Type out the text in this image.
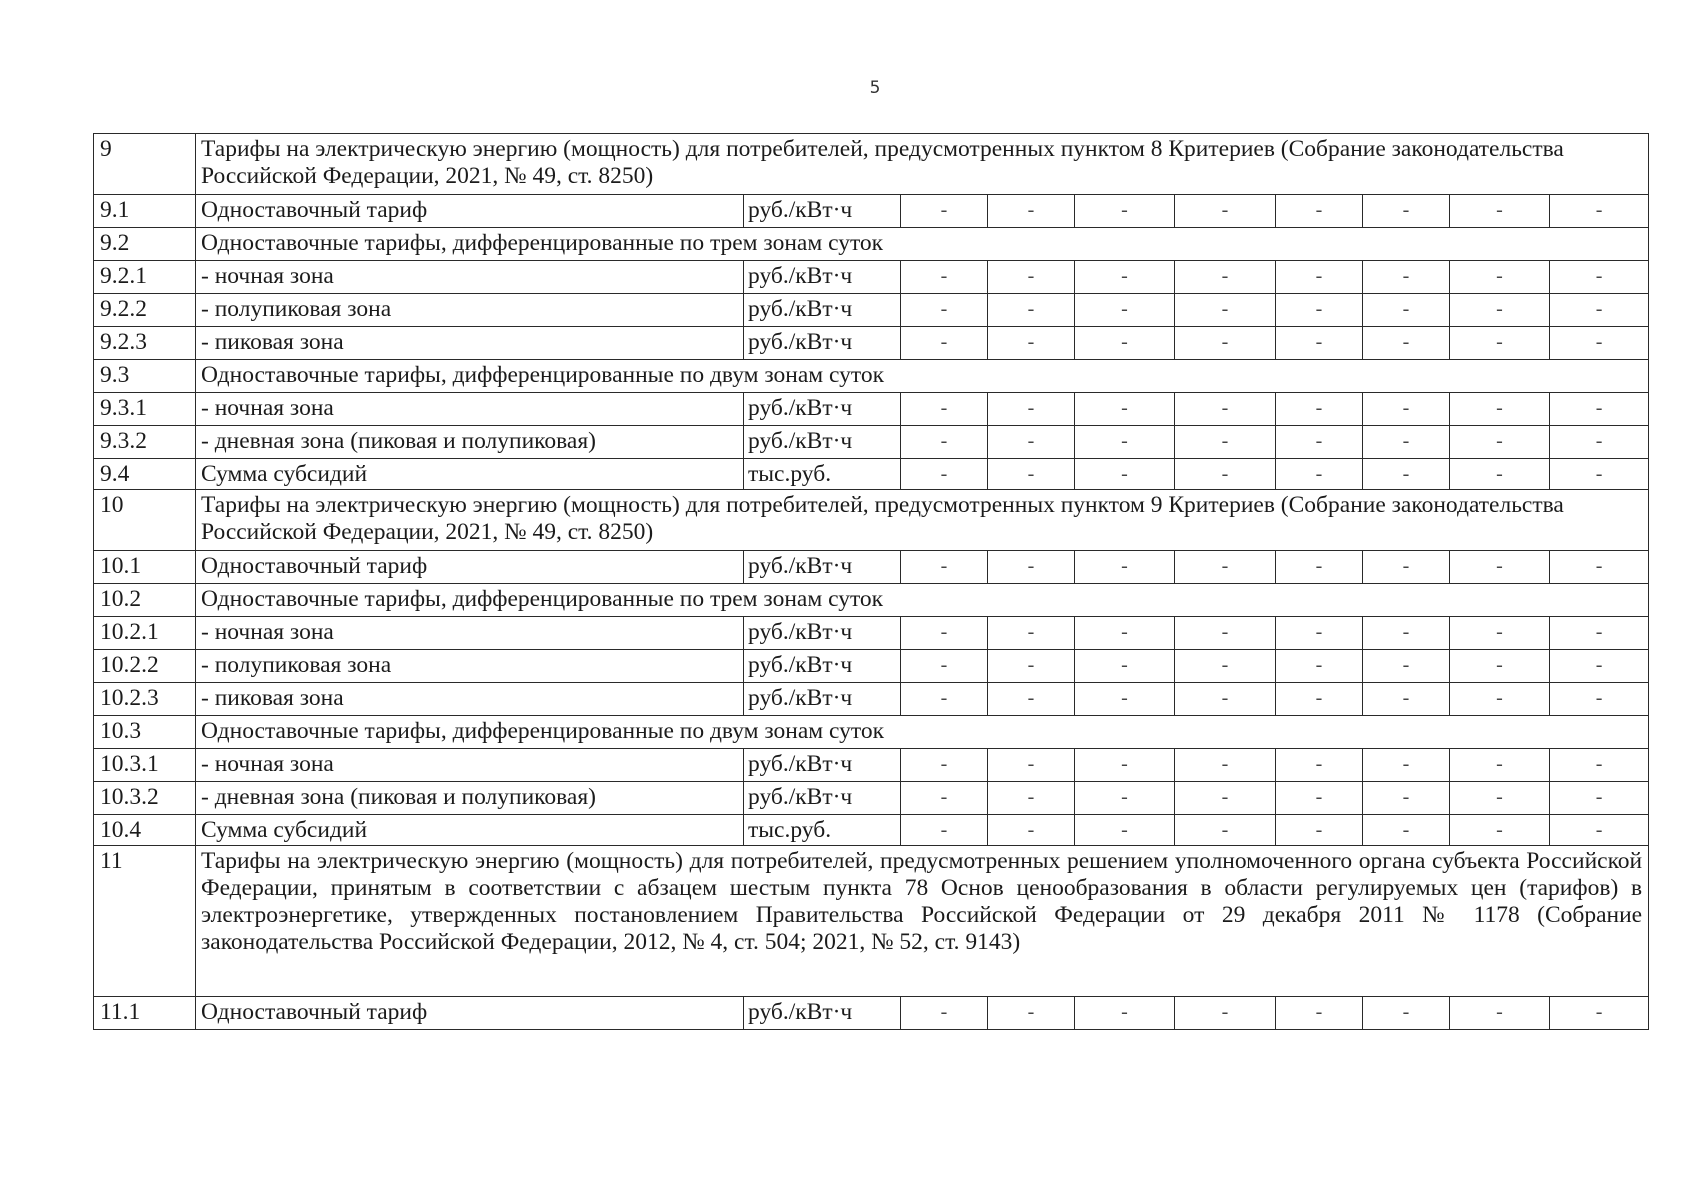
5
9	Тарифы на электрическую энергию (мощность) для потребителей, предусмотренных пунктом 8 Критериев (Собрание законодательства Российской Федерации, 2021, № 49, ст. 8250)									
9.1	Одноставочный тариф	руб./кВт·ч	-	-	-	-	-	-	-	-
9.2	Одноставочные тарифы, дифференцированные по трем зонам суток									
9.2.1	- ночная зона	руб./кВт·ч	-	-	-	-	-	-	-	-
9.2.2	- полупиковая зона	руб./кВт·ч	-	-	-	-	-	-	-	-
9.2.3	- пиковая зона	руб./кВт·ч	-	-	-	-	-	-	-	-
9.3	Одноставочные тарифы, дифференцированные по двум зонам суток									
9.3.1	- ночная зона	руб./кВт·ч	-	-	-	-	-	-	-	-
9.3.2	- дневная зона (пиковая и полупиковая)	руб./кВт·ч	-	-	-	-	-	-	-	-
9.4	Сумма субсидий	тыс.руб.	-	-	-	-	-	-	-	-
10	Тарифы на электрическую энергию (мощность) для потребителей, предусмотренных пунктом 9 Критериев (Собрание законодательства Российской Федерации, 2021, № 49, ст. 8250)									
10.1	Одноставочный тариф	руб./кВт·ч	-	-	-	-	-	-	-	-
10.2	Одноставочные тарифы, дифференцированные по трем зонам суток									
10.2.1	- ночная зона	руб./кВт·ч	-	-	-	-	-	-	-	-
10.2.2	- полупиковая зона	руб./кВт·ч	-	-	-	-	-	-	-	-
10.2.3	- пиковая зона	руб./кВт·ч	-	-	-	-	-	-	-	-
10.3	Одноставочные тарифы, дифференцированные по двум зонам суток									
10.3.1	- ночная зона	руб./кВт·ч	-	-	-	-	-	-	-	-
10.3.2	- дневная зона (пиковая и полупиковая)	руб./кВт·ч	-	-	-	-	-	-	-	-
10.4	Сумма субсидий	тыс.руб.	-	-	-	-	-	-	-	-
11	Тарифы на электрическую энергию (мощность) для потребителей, предусмотренных решением уполномоченного органа субъекта Российской Федерации, принятым в соответствии с абзацем шестым пункта 78 Основ ценообразования в области регулируемых цен (тарифов) в электроэнергетике, утвержденных постановлением Правительства Российской Федерации от 29 декабря 2011 № 1178 (Собрание законодательства Российской Федерации, 2012, № 4, ст. 504; 2021, № 52, ст. 9143)									
11.1	Одноставочный тариф	руб./кВт·ч	-	-	-	-	-	-	-	-
